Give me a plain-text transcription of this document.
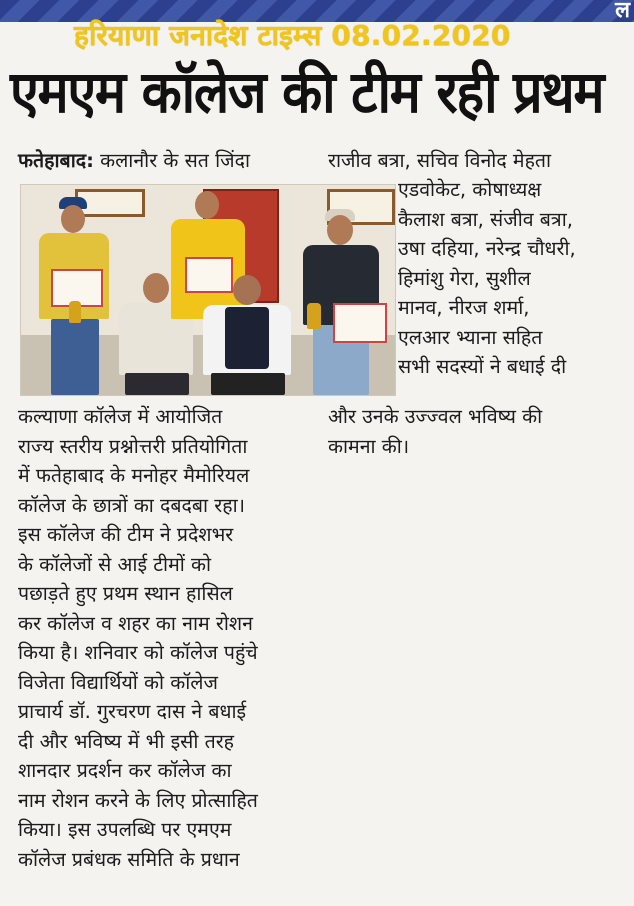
ल
हरियाणा जनादेश टाइम्स 08.02.2020
एमएम कॉलेज की टीम रही प्रथम
फतेहाबाद: कलानौर के सत जिंदा
कल्याणा कॉलेज में आयोजित
राज्य स्तरीय प्रश्नोत्तरी प्रतियोगिता
में फतेहाबाद के मनोहर मैमोरियल
कॉलेज के छात्रों का दबदबा रहा।
इस कॉलेज की टीम ने प्रदेशभर
के कॉलेजों से आई टीमों को
पछाड़ते हुए प्रथम स्थान हासिल
कर कॉलेज व शहर का नाम रोशन
किया है। शनिवार को कॉलेज पहुंचे
विजेता विद्यार्थियों को कॉलेज
प्राचार्य डॉ. गुरचरण दास ने बधाई
दी और भविष्य में भी इसी तरह
शानदार प्रदर्शन कर कॉलेज का
नाम रोशन करने के लिए प्रोत्साहित
किया। इस उपलब्धि पर एमएम
कॉलेज प्रबंधक समिति के प्रधान
राजीव बत्रा, सचिव विनोद मेहता
एडवोकेट, कोषाध्यक्ष
कैलाश बत्रा, संजीव बत्रा,
उषा दहिया, नरेन्द्र चौधरी,
हिमांशु गेरा, सुशील
मानव, नीरज शर्मा,
एलआर भ्याना सहित
सभी सदस्यों ने बधाई दी
और उनके उज्ज्वल भविष्य की
कामना की।
